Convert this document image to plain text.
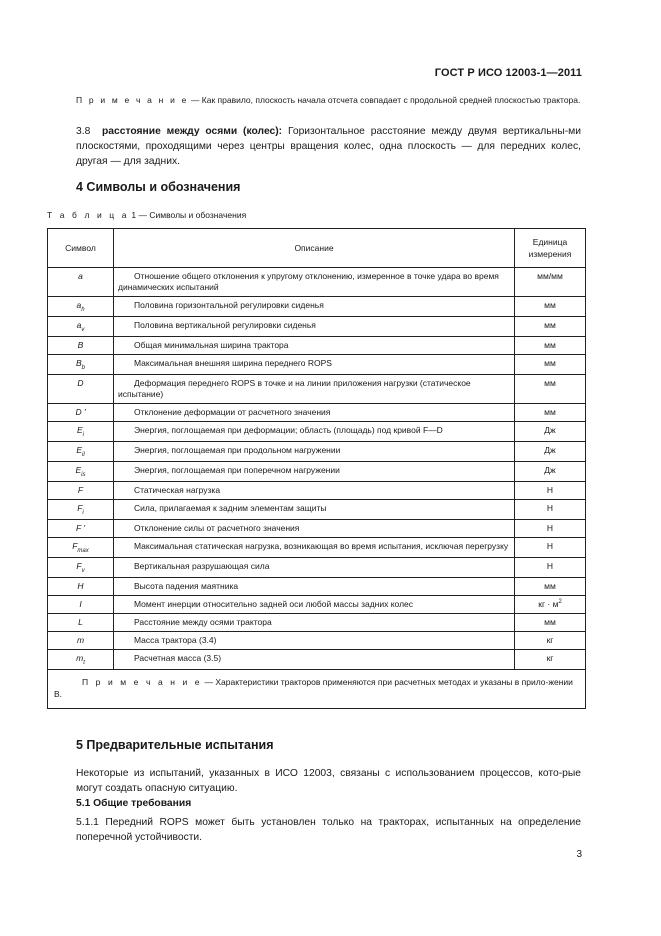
ГОСТ Р ИСО 12003-1—2011
П р и м е ч а н и е — Как правило, плоскость начала отсчета совпадает с продольной средней плоскостью трактора.
3.8 расстояние между осями (колес): Горизонтальное расстояние между двумя вертикальны-ми плоскостями, проходящими через центры вращения колес, одна плоскость — для передних колес, другая — для задних.
4 Символы и обозначения
Т а б л и ц а 1 — Символы и обозначения
Символ	Описание	Единица измерения
a	Отношение общего отклонения к упругому отклонению, измеренное в точке удара во время динамических испытаний	мм/мм
$a_h$	Половина горизонтальной регулировки сиденья	мм
$a_v$	Половина вертикальной регулировки сиденья	мм
B	Общая минимальная ширина трактора	мм
$B_b$	Максимальная внешняя ширина переднего ROPS	мм
D	Деформация переднего ROPS в точке и на линии приложения нагрузки (статическое испытание)	мм
D '	Отклонение деформации от расчетного значения	мм
$E_i$	Энергия, поглощаемая при деформации; область (площадь) под кривой F—D	Дж
$E_{il}$	Энергия, поглощаемая при продольном нагружении	Дж
$E_{is}$	Энергия, поглощаемая при поперечном нагружении	Дж
F	Статическая нагрузка	Н
$F_i$	Сила, прилагаемая к задним элементам защиты	Н
F '	Отклонение силы от расчетного значения	Н
$F_{max}$	Максимальная статическая нагрузка, возникающая во время испытания, исключая перегрузку	Н
$F_v$	Вертикальная разрушающая сила	Н
H	Высота падения маятника	мм
I	Момент инерции относительно задней оси любой массы задних колес	кг · $м^2$
L	Расстояние между осями трактора	мм
m	Масса трактора (3.4)	кг
$m_t$	Расчетная масса (3.5)	кг
П р и м е ч а н и е — Характеристики тракторов применяются при расчетных методах и указаны в прило-жении В.		
5 Предварительные испытания
Некоторые из испытаний, указанных в ИСО 12003, связаны с использованием процессов, кото-рые могут создать опасную ситуацию.
5.1 Общие требования
5.1.1 Передний ROPS может быть установлен только на тракторах, испытанных на определение поперечной устойчивости.
3
